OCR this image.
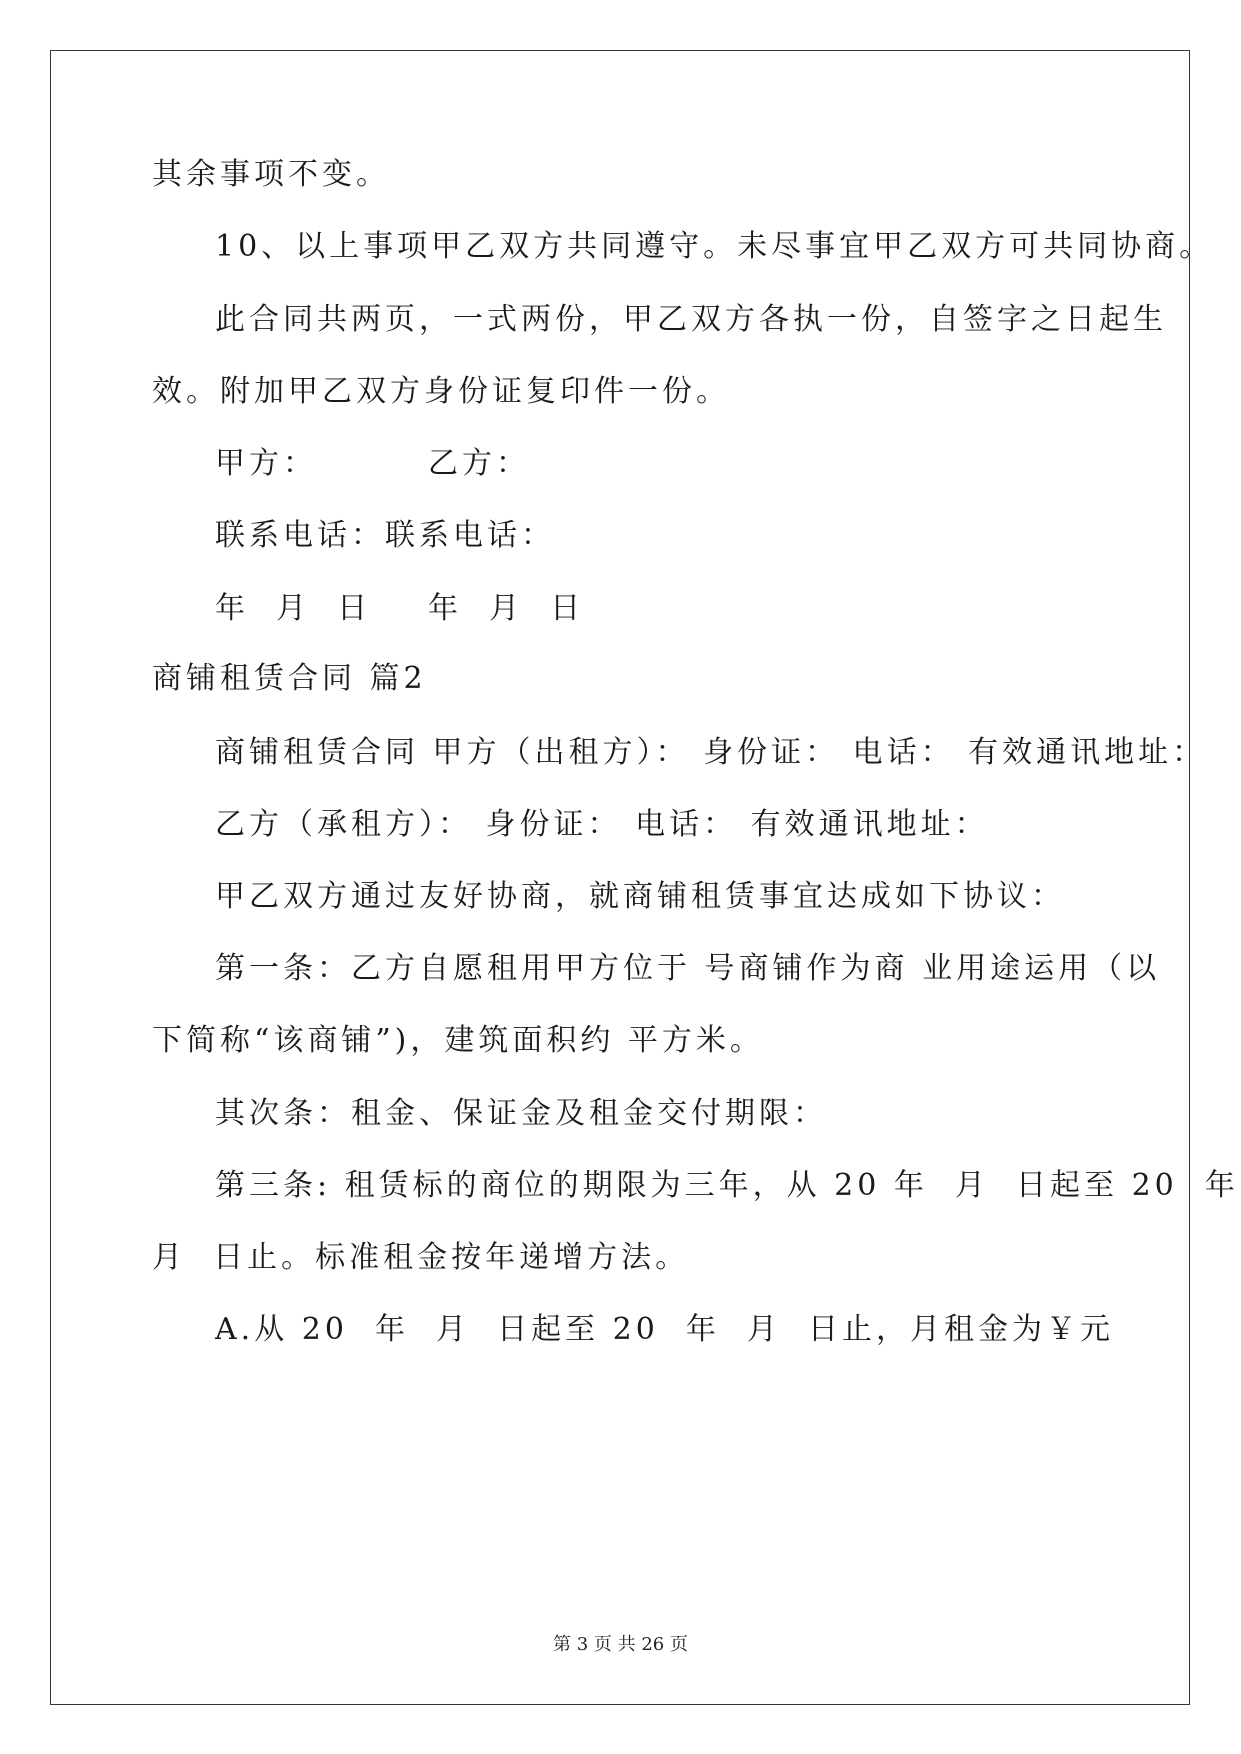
其余事项不变。
10、以上事项甲乙双方共同遵守。未尽事宜甲乙双方可共同协商。
此合同共两页，一式两份，甲乙双方各执一份，自签字之日起生
效。附加甲乙双方身份证复印件一份。
甲方：	乙方：
联系电话： 联系电话：
年  月  日 年  月  日
商铺租赁合同 篇2
商铺租赁合同 甲方（出租方）： 身份证： 电话： 有效通讯地址：
乙方（承租方）： 身份证： 电话： 有效通讯地址：
甲乙双方通过友好协商，就商铺租赁事宜达成如下协议：
第一条：乙方自愿租用甲方位于 号商铺作为商 业用途运用（以
下简称“该商铺”)，建筑面积约 平方米。
其次条：租金、保证金及租金交付期限：
第三条: 租赁标的商位的期限为三年，从 20 年  月  日起至 20  年
月  日止。标准租金按年递增方法。
A.从 20  年  月  日起至 20  年  月  日止，月租金为￥元
第 3 页 共 26 页
